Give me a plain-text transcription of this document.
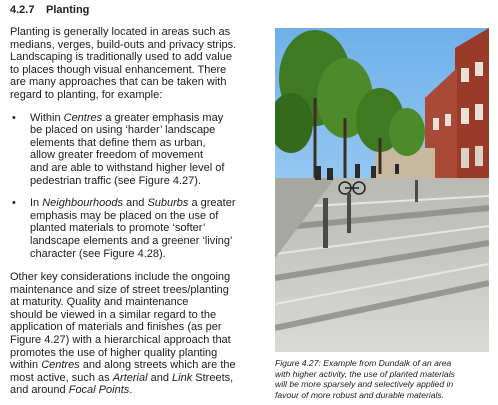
4.2.7 Planting

Planting is generally located in areas such as
medians, verges, build-outs and privacy strips.
Landscaping is traditionally used to add value
to places though visual enhancement. There
are many approaches that can be taken with
regard to planting, for example:

• Within Centres a greater emphasis may
be placed on using ‘harder’ landscape
elements that define them as urban,
allow greater freedom of movement
and are able to withstand higher level of
pedestrian traffic (see Figure 4.27).
• In Neighbourhoods and Suburbs a greater
emphasis may be placed on the use of
planted materials to promote ‘softer’
landscape elements and a greener ‘living’
character (see Figure 4.28).

Other key considerations include the ongoing
maintenance and size of street trees/planting
at maturity. Quality and maintenance
should be viewed in a similar regard to the
application of materials and finishes (as per
Figure 4.27) with a hierarchical approach that
promotes the use of higher quality planting
within Centres and along streets which are the
most active, such as Arterial and Link Streets,
and around Focal Points.

Figure 4.27: Example from Dundalk of an area
with higher activity, the use of planted materials
will be more sparsely and selectively applied in
favour of more robust and durable materials.
